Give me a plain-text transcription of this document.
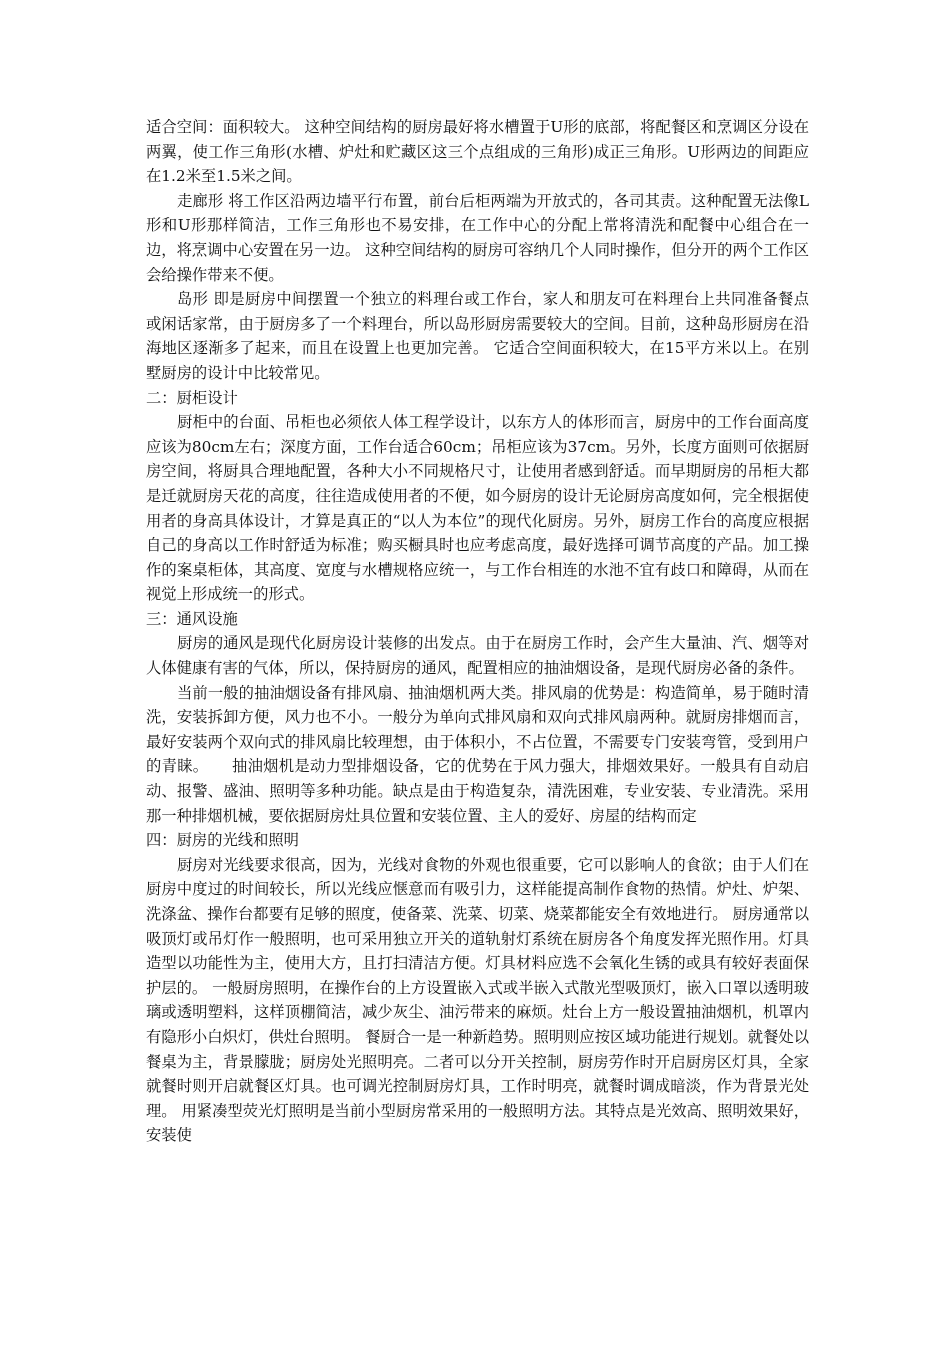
适合空间：面积较大。 这种空间结构的厨房最好将水槽置于U形的底部，将配餐区和烹调区分设在两翼，使工作三角形(水槽、炉灶和贮藏区这三个点组成的三角形)成正三角形。U形两边的间距应在1.2米至1.5米之间。

走廊形 将工作区沿两边墙平行布置，前台后柜两端为开放式的，各司其责。这种配置无法像L形和U形那样简洁，工作三角形也不易安排，在工作中心的分配上常将清洗和配餐中心组合在一边，将烹调中心安置在另一边。 这种空间结构的厨房可容纳几个人同时操作，但分开的两个工作区会给操作带来不便。

岛形 即是厨房中间摆置一个独立的料理台或工作台，家人和朋友可在料理台上共同准备餐点或闲话家常，由于厨房多了一个料理台，所以岛形厨房需要较大的空间。目前，这种岛形厨房在沿海地区逐渐多了起来，而且在设置上也更加完善。 它适合空间面积较大，在15平方米以上。在别墅厨房的设计中比较常见。

二：厨柜设计

厨柜中的台面、吊柜也必须依人体工程学设计，以东方人的体形而言，厨房中的工作台面高度应该为80cm左右；深度方面，工作台适合60cm；吊柜应该为37cm。另外，长度方面则可依据厨房空间，将厨具合理地配置，各种大小不同规格尺寸，让使用者感到舒适。而早期厨房的吊柜大都是迁就厨房天花的高度，往往造成使用者的不便，如今厨房的设计无论厨房高度如何，完全根据使用者的身高具体设计，才算是真正的“以人为本位”的现代化厨房。另外，厨房工作台的高度应根据自己的身高以工作时舒适为标准；购买橱具时也应考虑高度，最好选择可调节高度的产品。加工操作的案桌柜体，其高度、宽度与水槽规格应统一，与工作台相连的水池不宜有歧口和障碍，从而在视觉上形成统一的形式。

三：通风设施

厨房的通风是现代化厨房设计装修的出发点。由于在厨房工作时，会产生大量油、汽、烟等对人体健康有害的气体，所以，保持厨房的通风，配置相应的抽油烟设备，是现代厨房必备的条件。

当前一般的抽油烟设备有排风扇、抽油烟机两大类。排风扇的优势是：构造简单，易于随时清洗，安装拆卸方便，风力也不小。一般分为单向式排风扇和双向式排风扇两种。就厨房排烟而言，最好安装两个双向式的排风扇比较理想，由于体积小，不占位置，不需要专门安装弯管，受到用户的青睐。　　抽油烟机是动力型排烟设备，它的优势在于风力强大，排烟效果好。一般具有自动启动、报警、盛油、照明等多种功能。缺点是由于构造复杂，清洗困难，专业安装、专业清洗。采用那一种排烟机械，要依据厨房灶具位置和安装位置、主人的爱好、房屋的结构而定

四：厨房的光线和照明

厨房对光线要求很高，因为，光线对食物的外观也很重要，它可以影响人的食欲；由于人们在厨房中度过的时间较长，所以光线应惬意而有吸引力，这样能提高制作食物的热情。炉灶、炉架、洗涤盆、操作台都要有足够的照度，使备菜、洗菜、切菜、烧菜都能安全有效地进行。 厨房通常以吸顶灯或吊灯作一般照明，也可采用独立开关的道轨射灯系统在厨房各个角度发挥光照作用。灯具造型以功能性为主，使用大方，且打扫清洁方便。灯具材料应选不会氧化生锈的或具有较好表面保护层的。 一般厨房照明，在操作台的上方设置嵌入式或半嵌入式散光型吸顶灯，嵌入口罩以透明玻璃或透明塑料，这样顶棚简洁，减少灰尘、油污带来的麻烦。灶台上方一般设置抽油烟机，机罩内有隐形小白炽灯，供灶台照明。 餐厨合一是一种新趋势。照明则应按区域功能进行规划。就餐处以餐桌为主，背景朦胧；厨房处光照明亮。二者可以分开关控制，厨房劳作时开启厨房区灯具，全家就餐时则开启就餐区灯具。也可调光控制厨房灯具，工作时明亮，就餐时调成暗淡，作为背景光处理。 用紧凑型荧光灯照明是当前小型厨房常采用的一般照明方法。其特点是光效高、照明效果好，安装使
